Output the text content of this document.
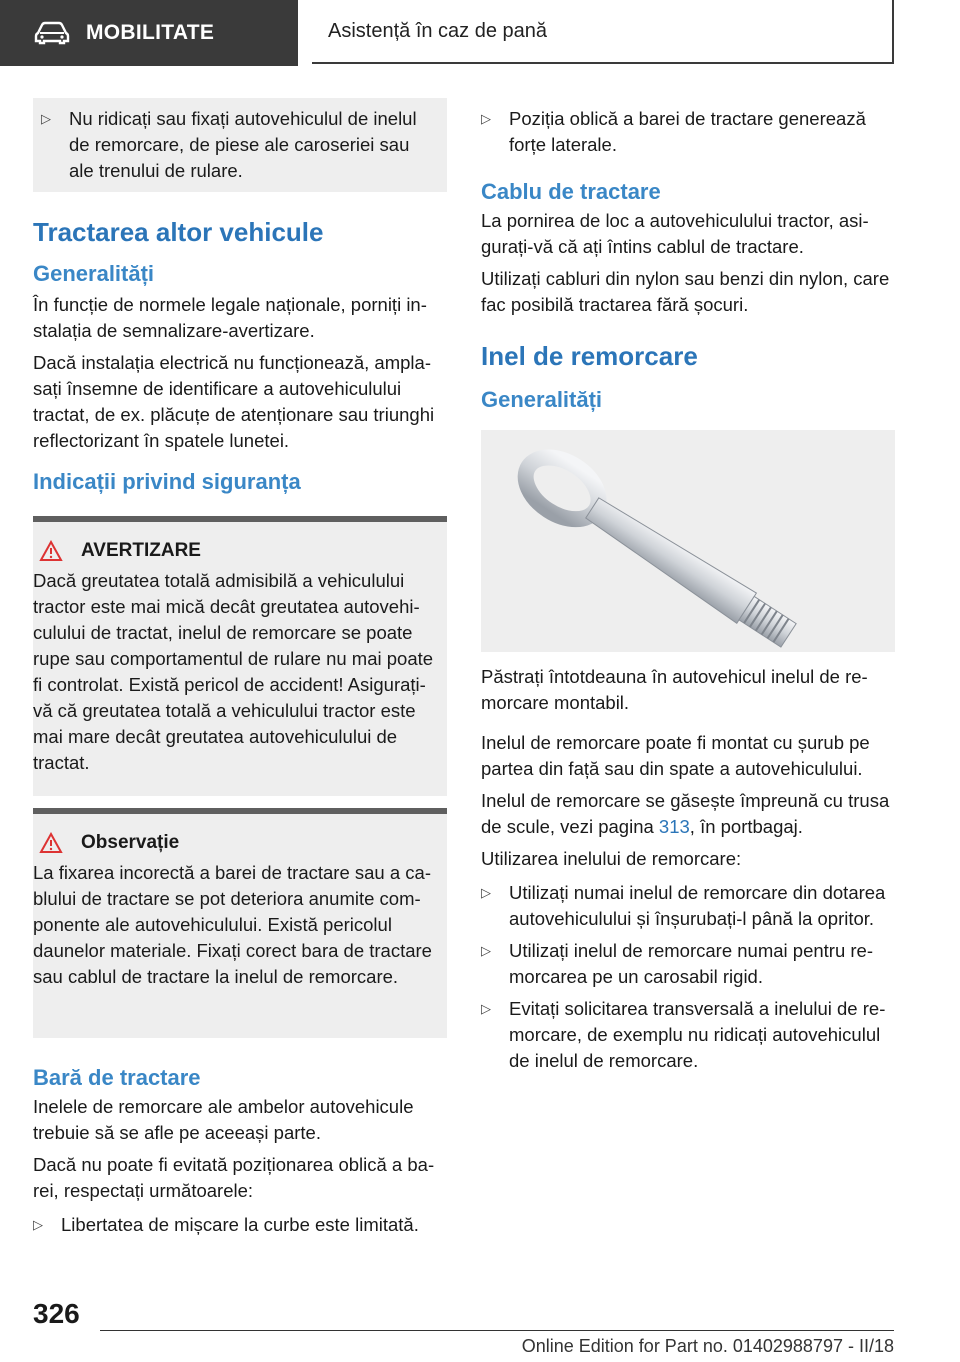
MOBILITATE	Asistență în caz de pană
▷ Nu ridicați sau fixați autovehiculul de inelul de remorcare, de piese ale caroseriei sau ale trenului de rulare.

Tractarea altor vehicule
Generalități

În funcție de normele legale naționale, porniți instalația de semnalizare-avertizare.

Dacă instalația electrică nu funcționează, amplasați însemne de identificare a autovehiculului tractat, de ex. plăcuțe de atenționare sau triunghi reflectorizant în spatele lunetei.

Indicații privind siguranța
AVERTIZARE

Dacă greutatea totală admisibilă a vehiculului tractor este mai mică decât greutatea autovehiculului de tractat, inelul de remorcare se poate rupe sau comportamentul de rulare nu mai poate fi controlat. Există pericol de accident! Asigurați-vă că greutatea totală a vehiculului tractor este mai mare decât greutatea autovehiculului de tractat.

Observație

La fixarea incorectă a barei de tractare sau a cablului de tractare se pot deteriora anumite componente ale autovehiculului. Există pericolul daunelor materiale. Fixați corect bara de tractare sau cablul de tractare la inelul de remorcare.

Bară de tractare

Inelele de remorcare ale ambelor autovehicule trebuie să se afle pe aceeași parte.

Dacă nu poate fi evitată poziționarea oblică a barei, respectați următoarele:

▷ Libertatea de mișcare la curbe este limitată.

▷ Poziția oblică a barei de tractare generează forțe laterale.

Cablu de tractare

La pornirea de loc a autovehiculului tractor, asigurați-vă că ați întins cablul de tractare.

Utilizați cabluri din nylon sau benzi din nylon, care fac posibilă tractarea fără șocuri.

Inel de remorcare
Generalități

Păstrați întotdeauna în autovehicul inelul de remorcare montabil.

Inelul de remorcare poate fi montat cu șurub pe partea din față sau din spate a autovehiculului.

Inelul de remorcare se găsește împreună cu trusa de scule, vezi pagina 313, în portbagaj.

Utilizarea inelului de remorcare:

▷ Utilizați numai inelul de remorcare din dotarea autovehiculului și înșurubați-l până la opritor.

▷ Utilizați inelul de remorcare numai pentru remorcarea pe un carosabil rigid.

▷ Evitați solicitarea transversală a inelului de remorcare, de exemplu nu ridicați autovehiculul de inelul de remorcare.

326
Online Edition for Part no. 01402988797 - II/18
